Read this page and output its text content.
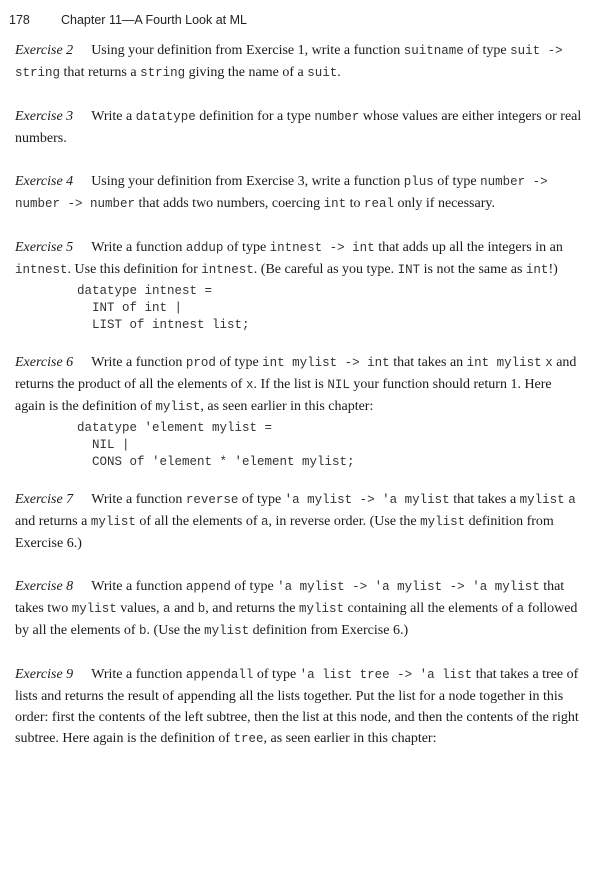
178 Chapter 11—A Fourth Look at ML

Exercise 2 Using your definition from Exercise 1, write a function suitname of type suit -> string that returns a string giving the name of a suit.

Exercise 3 Write a datatype definition for a type number whose values are either integers or real numbers.

Exercise 4 Using your definition from Exercise 3, write a function plus of type number -> number -> number that adds two numbers, coercing int to real only if necessary.

Exercise 5 Write a function addup of type intnest -> int that adds up all the integers in an intnest. Use this definition for intnest. (Be careful as you type. INT is not the same as int!)

datatype intnest =
INT of int |
LIST of intnest list;

Exercise 6 Write a function prod of type int mylist -> int that takes an int mylist x and returns the product of all the elements of x. If the list is NIL your function should return 1. Here again is the definition of mylist, as seen earlier in this chapter:

datatype 'element mylist =
NIL |
CONS of 'element * 'element mylist;

Exercise 7 Write a function reverse of type 'a mylist -> 'a mylist that takes a mylist a and returns a mylist of all the elements of a, in reverse order. (Use the mylist definition from Exercise 6.)

Exercise 8 Write a function append of type 'a mylist -> 'a mylist -> 'a mylist that takes two mylist values, a and b, and returns the mylist containing all the elements of a followed by all the elements of b. (Use the mylist definition from Exercise 6.)

Exercise 9 Write a function appendall of type 'a list tree -> 'a list that takes a tree of lists and returns the result of appending all the lists together. Put the list for a node together in this order: first the contents of the left subtree, then the list at this node, and then the contents of the right subtree. Here again is the definition of tree, as seen earlier in this chapter:
